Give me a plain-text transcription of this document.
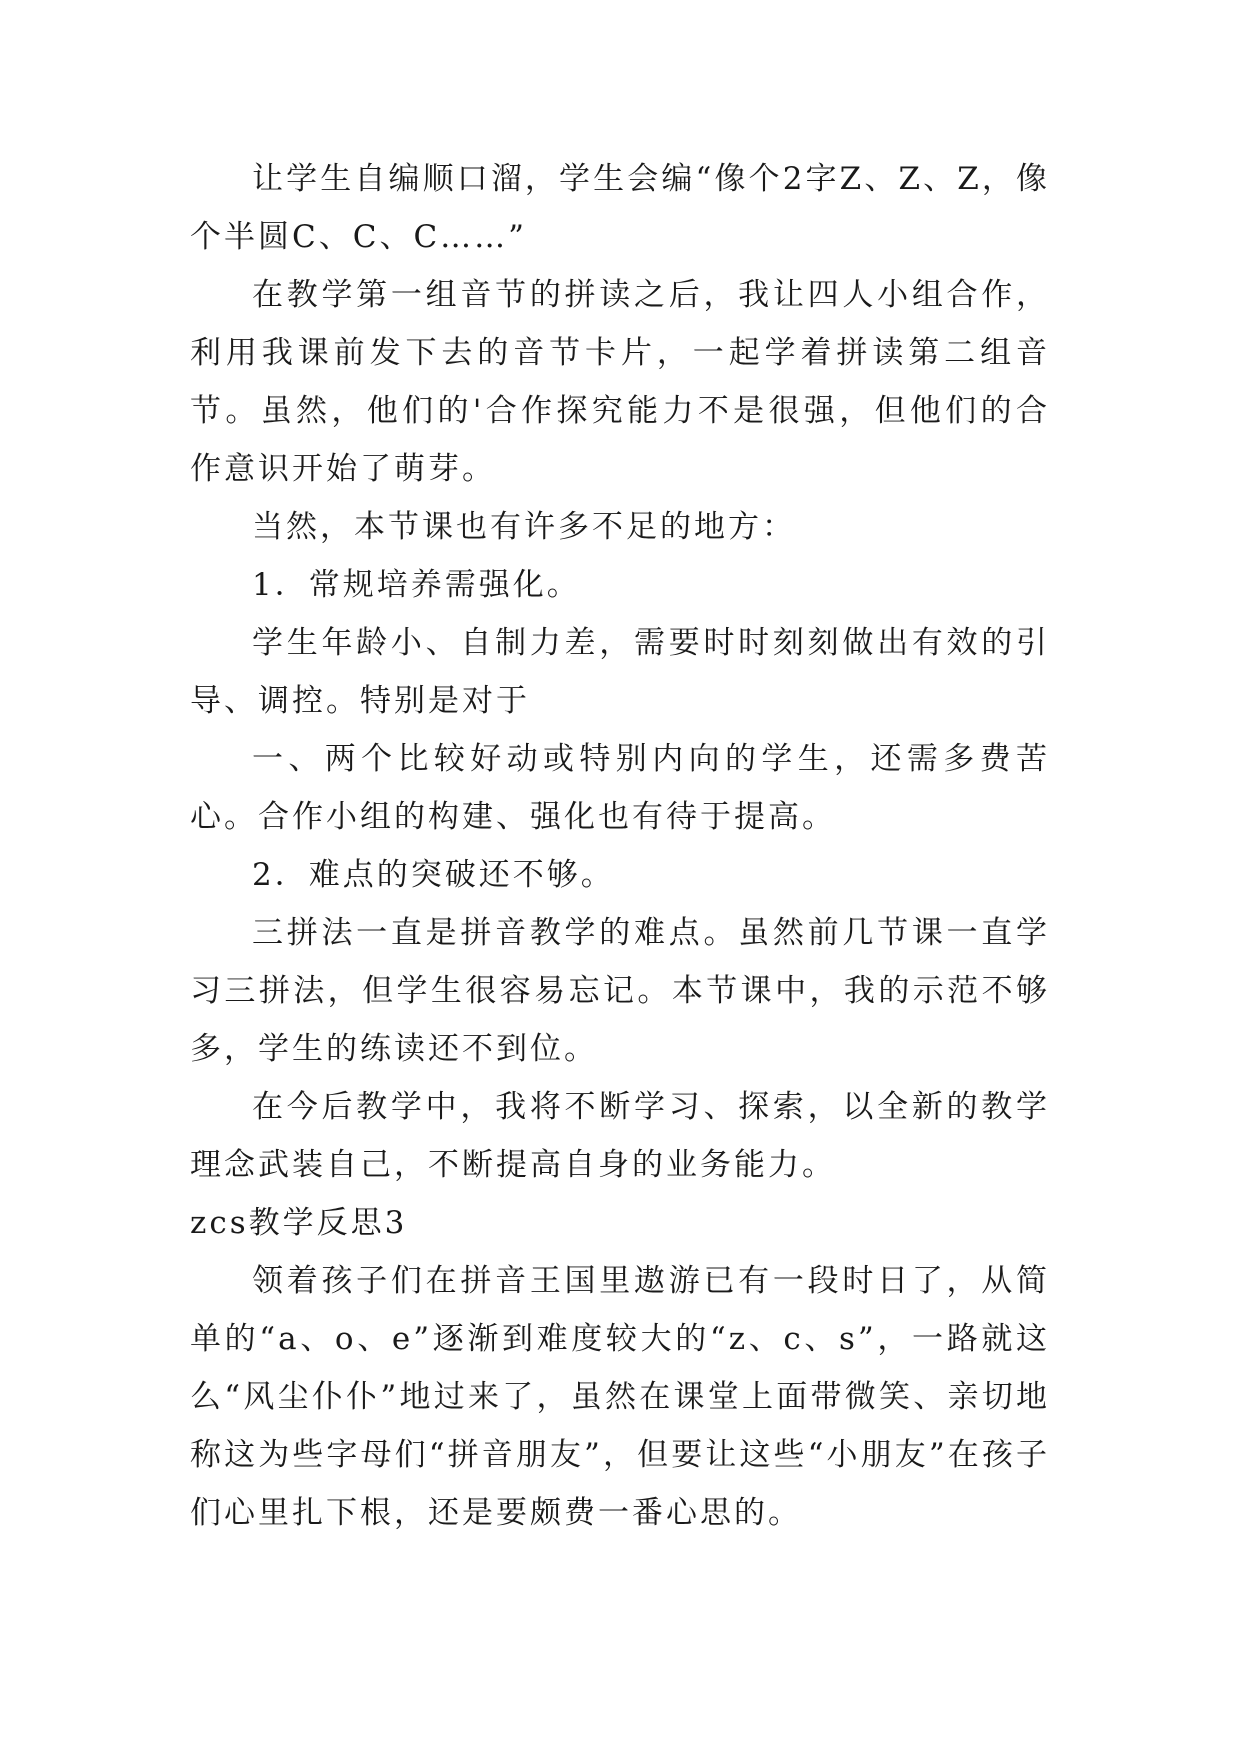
让学生自编顺口溜，学生会编“像个2字Z、Z、Z，像个半圆C、C、C……”

在教学第一组音节的拼读之后，我让四人小组合作，利用我课前发下去的音节卡片，一起学着拼读第二组音节。虽然，他们的'合作探究能力不是很强，但他们的合作意识开始了萌芽。

当然，本节课也有许多不足的地方：

1．常规培养需强化。

学生年龄小、自制力差，需要时时刻刻做出有效的引导、调控。特别是对于

一、两个比较好动或特别内向的学生，还需多费苦心。合作小组的构建、强化也有待于提高。

2．难点的突破还不够。

三拼法一直是拼音教学的难点。虽然前几节课一直学习三拼法，但学生很容易忘记。本节课中，我的示范不够多，学生的练读还不到位。

在今后教学中，我将不断学习、探索，以全新的教学理念武装自己，不断提高自身的业务能力。

zcs教学反思3

领着孩子们在拼音王国里遨游已有一段时日了，从简单的“a、o、e”逐渐到难度较大的“z、c、s”，一路就这么“风尘仆仆”地过来了，虽然在课堂上面带微笑、亲切地称这为些字母们“拼音朋友”，但要让这些“小朋友”在孩子们心里扎下根，还是要颇费一番心思的。
